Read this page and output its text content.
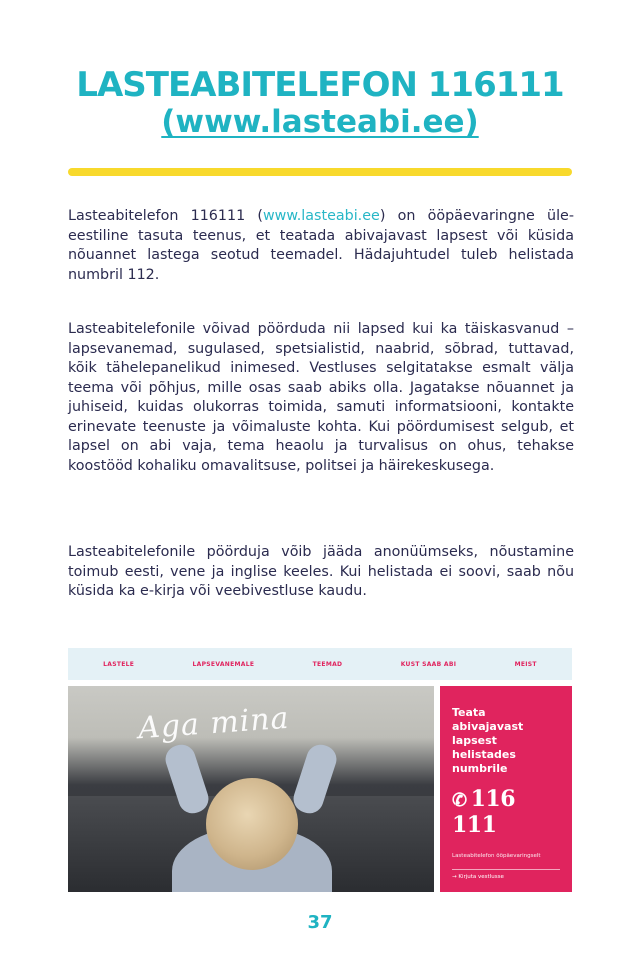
LASTEABITELEFON 116111
(www.lasteabi.ee)
Lasteabitelefon 116111 (www.lasteabi.ee) on ööpäevaringne üle-eestiline tasuta teenus, et teatada abivajavast lapsest või küsida nõuannet lastega seotud teemadel. Hädajuhtudel tuleb helistada numbril 112.
Lasteabitelefonile võivad pöörduda nii lapsed kui ka täiskasvanud – lapsevanemad, sugulased, spetsialistid, naabrid, sõbrad, tuttavad, kõik tähelepanelikud inimesed. Vestluses selgitatakse esmalt välja teema või põhjus, mille osas saab abiks olla. Jagatakse nõuannet ja juhiseid, kuidas olukorras toimida, samuti informatsiooni, kontakte erinevate teenuste ja võimaluste kohta. Kui pöördumisest selgub, et lapsel on abi vaja, tema heaolu ja turvalisus on ohus, tehakse koostööd kohaliku omavalitsuse, politsei ja häirekeskusega.
Lasteabitelefonile pöörduja võib jääda anonüümseks, nõustamine toimub eesti, vene ja inglise keeles. Kui helistada ei soovi, saab nõu küsida ka e-kirja või veebivestluse kaudu.
LASTELE	LAPSEVANEMALE	TEEMAD	KUST SAAB ABI	MEIST
Aga mina	Teata abivajavast lapsest helistades numbrile
✆ 116 111
Lasteabitelefon ööpäevaringselt
→ Kirjuta vestlusse
37
